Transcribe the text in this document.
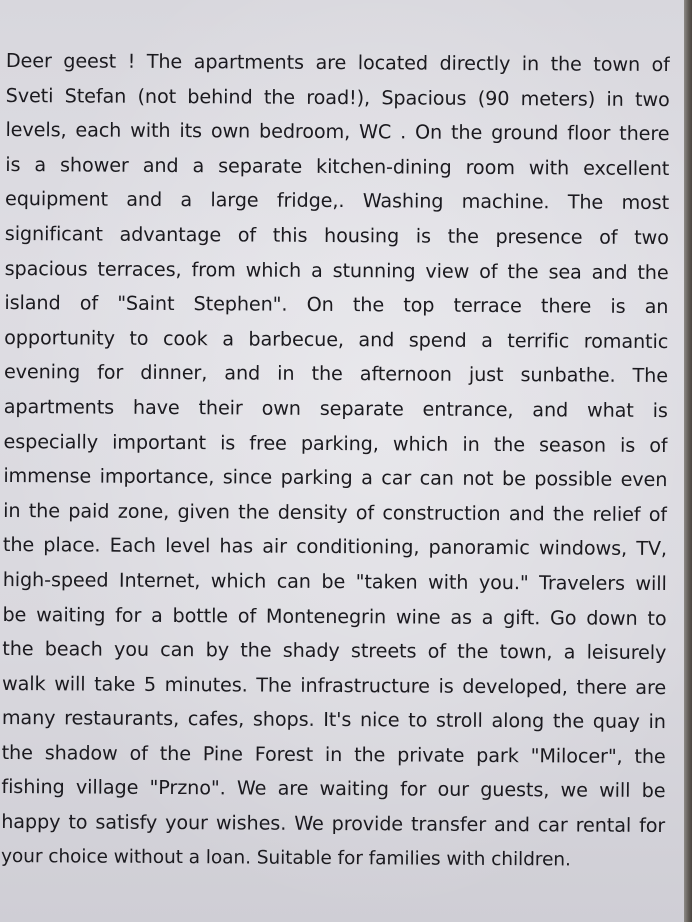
Deer geest ! The apartments are located directly in the town of
Sveti Stefan (not behind the road!), Spacious (90 meters) in two
levels, each with its own bedroom, WC . On the ground floor there
is a shower and a separate kitchen-dining room with excellent
equipment and a large fridge,. Washing machine. The most
significant advantage of this housing is the presence of two
spacious terraces, from which a stunning view of the sea and the
island of "Saint Stephen". On the top terrace there is an
opportunity to cook a barbecue, and spend a terrific romantic
evening for dinner, and in the afternoon just sunbathe. The
apartments have their own separate entrance, and what is
especially important is free parking, which in the season is of
immense importance, since parking a car can not be possible even
in the paid zone, given the density of construction and the relief of
the place. Each level has air conditioning, panoramic windows, TV,
high-speed Internet, which can be "taken with you." Travelers will
be waiting for a bottle of Montenegrin wine as a gift. Go down to
the beach you can by the shady streets of the town, a leisurely
walk will take 5 minutes. The infrastructure is developed, there are
many restaurants, cafes, shops. It's nice to stroll along the quay in
the shadow of the Pine Forest in the private park "Milocer", the
fishing village "Przno". We are waiting for our guests, we will be
happy to satisfy your wishes. We provide transfer and car rental for
your choice without a loan. Suitable for families with children.
